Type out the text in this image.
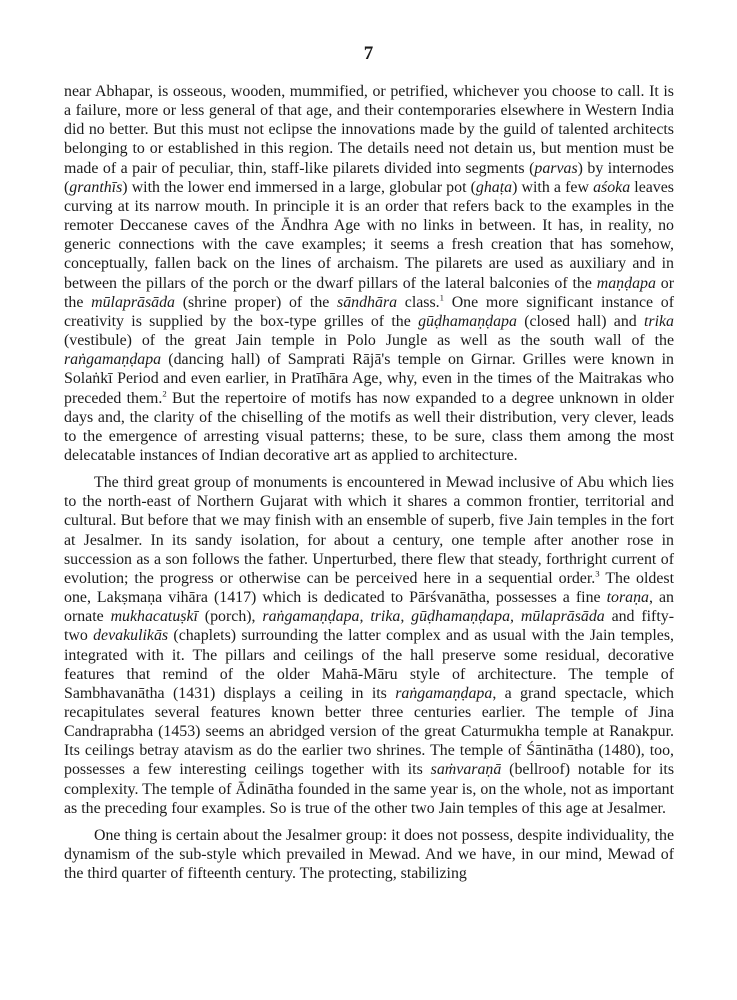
7

near Abhapar, is osseous, wooden, mummified, or petrified, whichever you choose to call. It is a failure, more or less general of that age, and their contemporaries elsewhere in Western India did no better. But this must not eclipse the innovations made by the guild of talented architects belonging to or established in this region. The details need not detain us, but mention must be made of a pair of peculiar, thin, staff-like pilarets divided into segments (parvas) by internodes (granthīs) with the lower end immersed in a large, globular pot (ghaṭa) with a few aśoka leaves curving at its narrow mouth. In principle it is an order that refers back to the examples in the remoter Deccanese caves of the Āndhra Age with no links in between. It has, in reality, no generic connections with the cave examples; it seems a fresh creation that has somehow, conceptually, fallen back on the lines of archaism. The pilarets are used as auxiliary and in between the pillars of the porch or the dwarf pillars of the lateral balconies of the maṇḍapa or the mūlaprāsāda (shrine proper) of the sāndhāra class.$^1$ One more significant instance of creativity is supplied by the box-type grilles of the gūḍhamaṇḍapa (closed hall) and trika (vestibule) of the great Jain temple in Polo Jungle as well as the south wall of the raṅgamaṇḍapa (dancing hall) of Samprati Rājā's temple on Girnar. Grilles were known in Solaṅkī Period and even earlier, in Pratīhāra Age, why, even in the times of the Maitrakas who preceded them.$^2$ But the repertoire of motifs has now expanded to a degree unknown in older days and, the clarity of the chiselling of the motifs as well their distribution, very clever, leads to the emergence of arresting visual patterns; these, to be sure, class them among the most delecatable instances of Indian decorative art as applied to architecture.

The third great group of monuments is encountered in Mewad inclusive of Abu which lies to the north-east of Northern Gujarat with which it shares a common frontier, territorial and cultural. But before that we may finish with an ensemble of superb, five Jain temples in the fort at Jesalmer. In its sandy isolation, for about a century, one temple after another rose in succession as a son follows the father. Unperturbed, there flew that steady, forthright current of evolution; the progress or otherwise can be perceived here in a sequential order.$^3$ The oldest one, Lakṣmaṇa vihāra (1417) which is dedicated to Pārśvanātha, possesses a fine toraṇa, an ornate mukhacatuṣkī (porch), raṅgamaṇḍapa, trika, gūḍhamaṇḍapa, mūlaprāsāda and fifty-two devakulikās (chaplets) surrounding the latter complex and as usual with the Jain temples, integrated with it. The pillars and ceilings of the hall preserve some residual, decorative features that remind of the older Mahā-Māru style of architecture. The temple of Sambhavanātha (1431) displays a ceiling in its raṅgamaṇḍapa, a grand spectacle, which recapitulates several features known better three centuries earlier. The temple of Jina Candraprabha (1453) seems an abridged version of the great Caturmukha temple at Ranakpur. Its ceilings betray atavism as do the earlier two shrines. The temple of Śāntinātha (1480), too, possesses a few interesting ceilings together with its saṁvaraṇā (bellroof) notable for its complexity. The temple of Ādinātha founded in the same year is, on the whole, not as important as the preceding four examples. So is true of the other two Jain temples of this age at Jesalmer.

One thing is certain about the Jesalmer group: it does not possess, despite individuality, the dynamism of the sub-style which prevailed in Mewad. And we have, in our mind, Mewad of the third quarter of fifteenth century. The protecting, stabilizing
